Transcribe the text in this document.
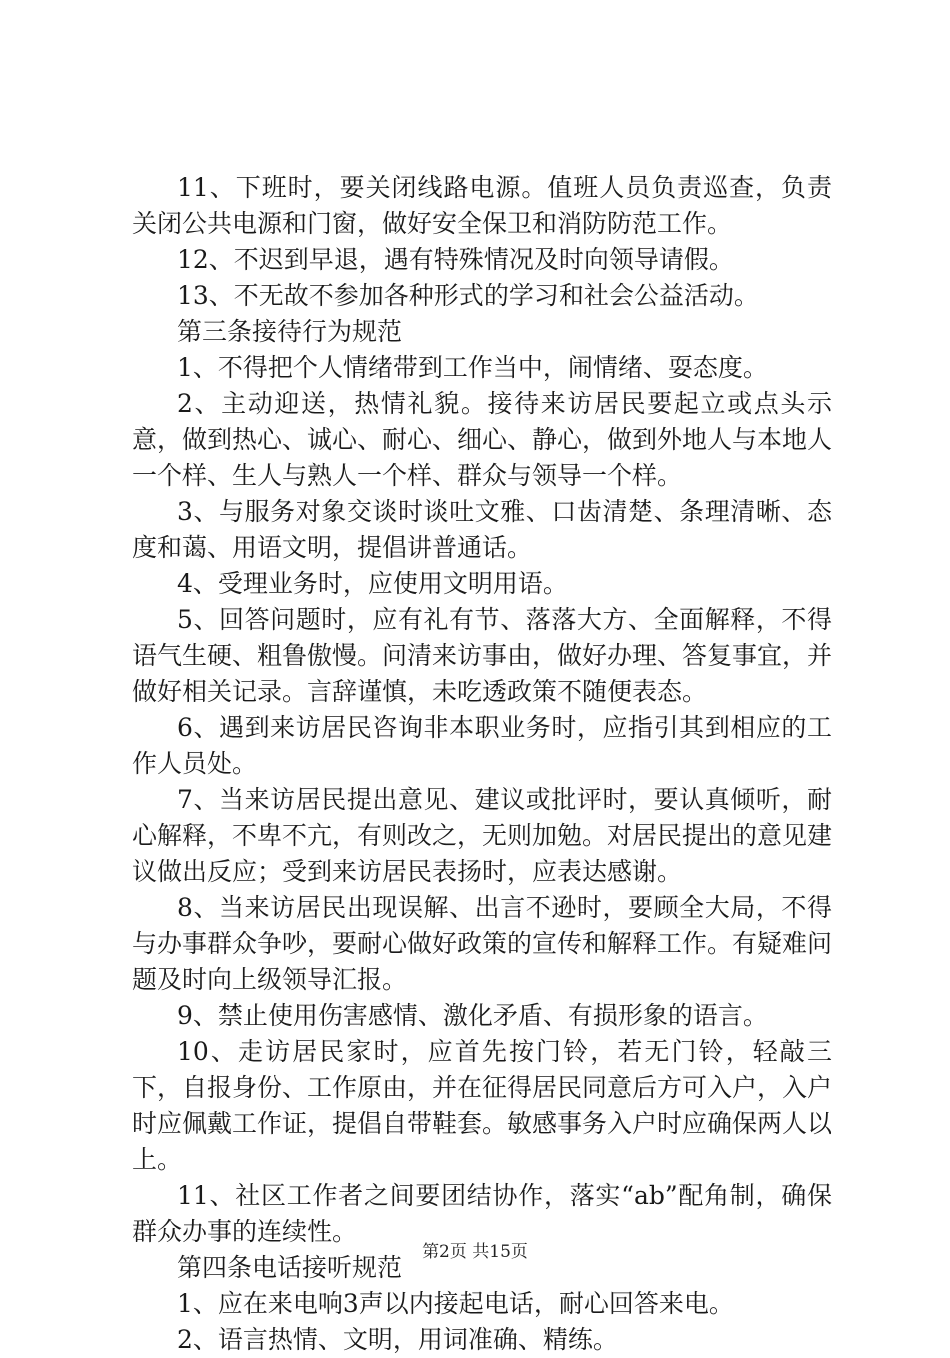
11、下班时，要关闭线路电源。值班人员负责巡查，负责关闭公共电源和门窗，做好安全保卫和消防防范工作。

12、不迟到早退，遇有特殊情况及时向领导请假。

13、不无故不参加各种形式的学习和社会公益活动。

第三条接待行为规范

1、不得把个人情绪带到工作当中，闹情绪、耍态度。

2、主动迎送，热情礼貌。接待来访居民要起立或点头示意，做到热心、诚心、耐心、细心、静心，做到外地人与本地人一个样、生人与熟人一个样、群众与领导一个样。

3、与服务对象交谈时谈吐文雅、口齿清楚、条理清晰、态度和蔼、用语文明，提倡讲普通话。

4、受理业务时，应使用文明用语。

5、回答问题时，应有礼有节、落落大方、全面解释，不得语气生硬、粗鲁傲慢。问清来访事由，做好办理、答复事宜，并做好相关记录。言辞谨慎，未吃透政策不随便表态。

6、遇到来访居民咨询非本职业务时，应指引其到相应的工作人员处。

7、当来访居民提出意见、建议或批评时，要认真倾听，耐心解释，不卑不亢，有则改之，无则加勉。对居民提出的意见建议做出反应；受到来访居民表扬时，应表达感谢。

8、当来访居民出现误解、出言不逊时，要顾全大局，不得与办事群众争吵，要耐心做好政策的宣传和解释工作。有疑难问题及时向上级领导汇报。

9、禁止使用伤害感情、激化矛盾、有损形象的语言。

10、走访居民家时，应首先按门铃，若无门铃，轻敲三下，自报身份、工作原由，并在征得居民同意后方可入户，入户时应佩戴工作证，提倡自带鞋套。敏感事务入户时应确保两人以上。

11、社区工作者之间要团结协作，落实“ab”配角制，确保群众办事的连续性。

第四条电话接听规范

1、应在来电响3声以内接起电话，耐心回答来电。

2、语言热情、文明，用词准确、精练。

第2页 共15页
